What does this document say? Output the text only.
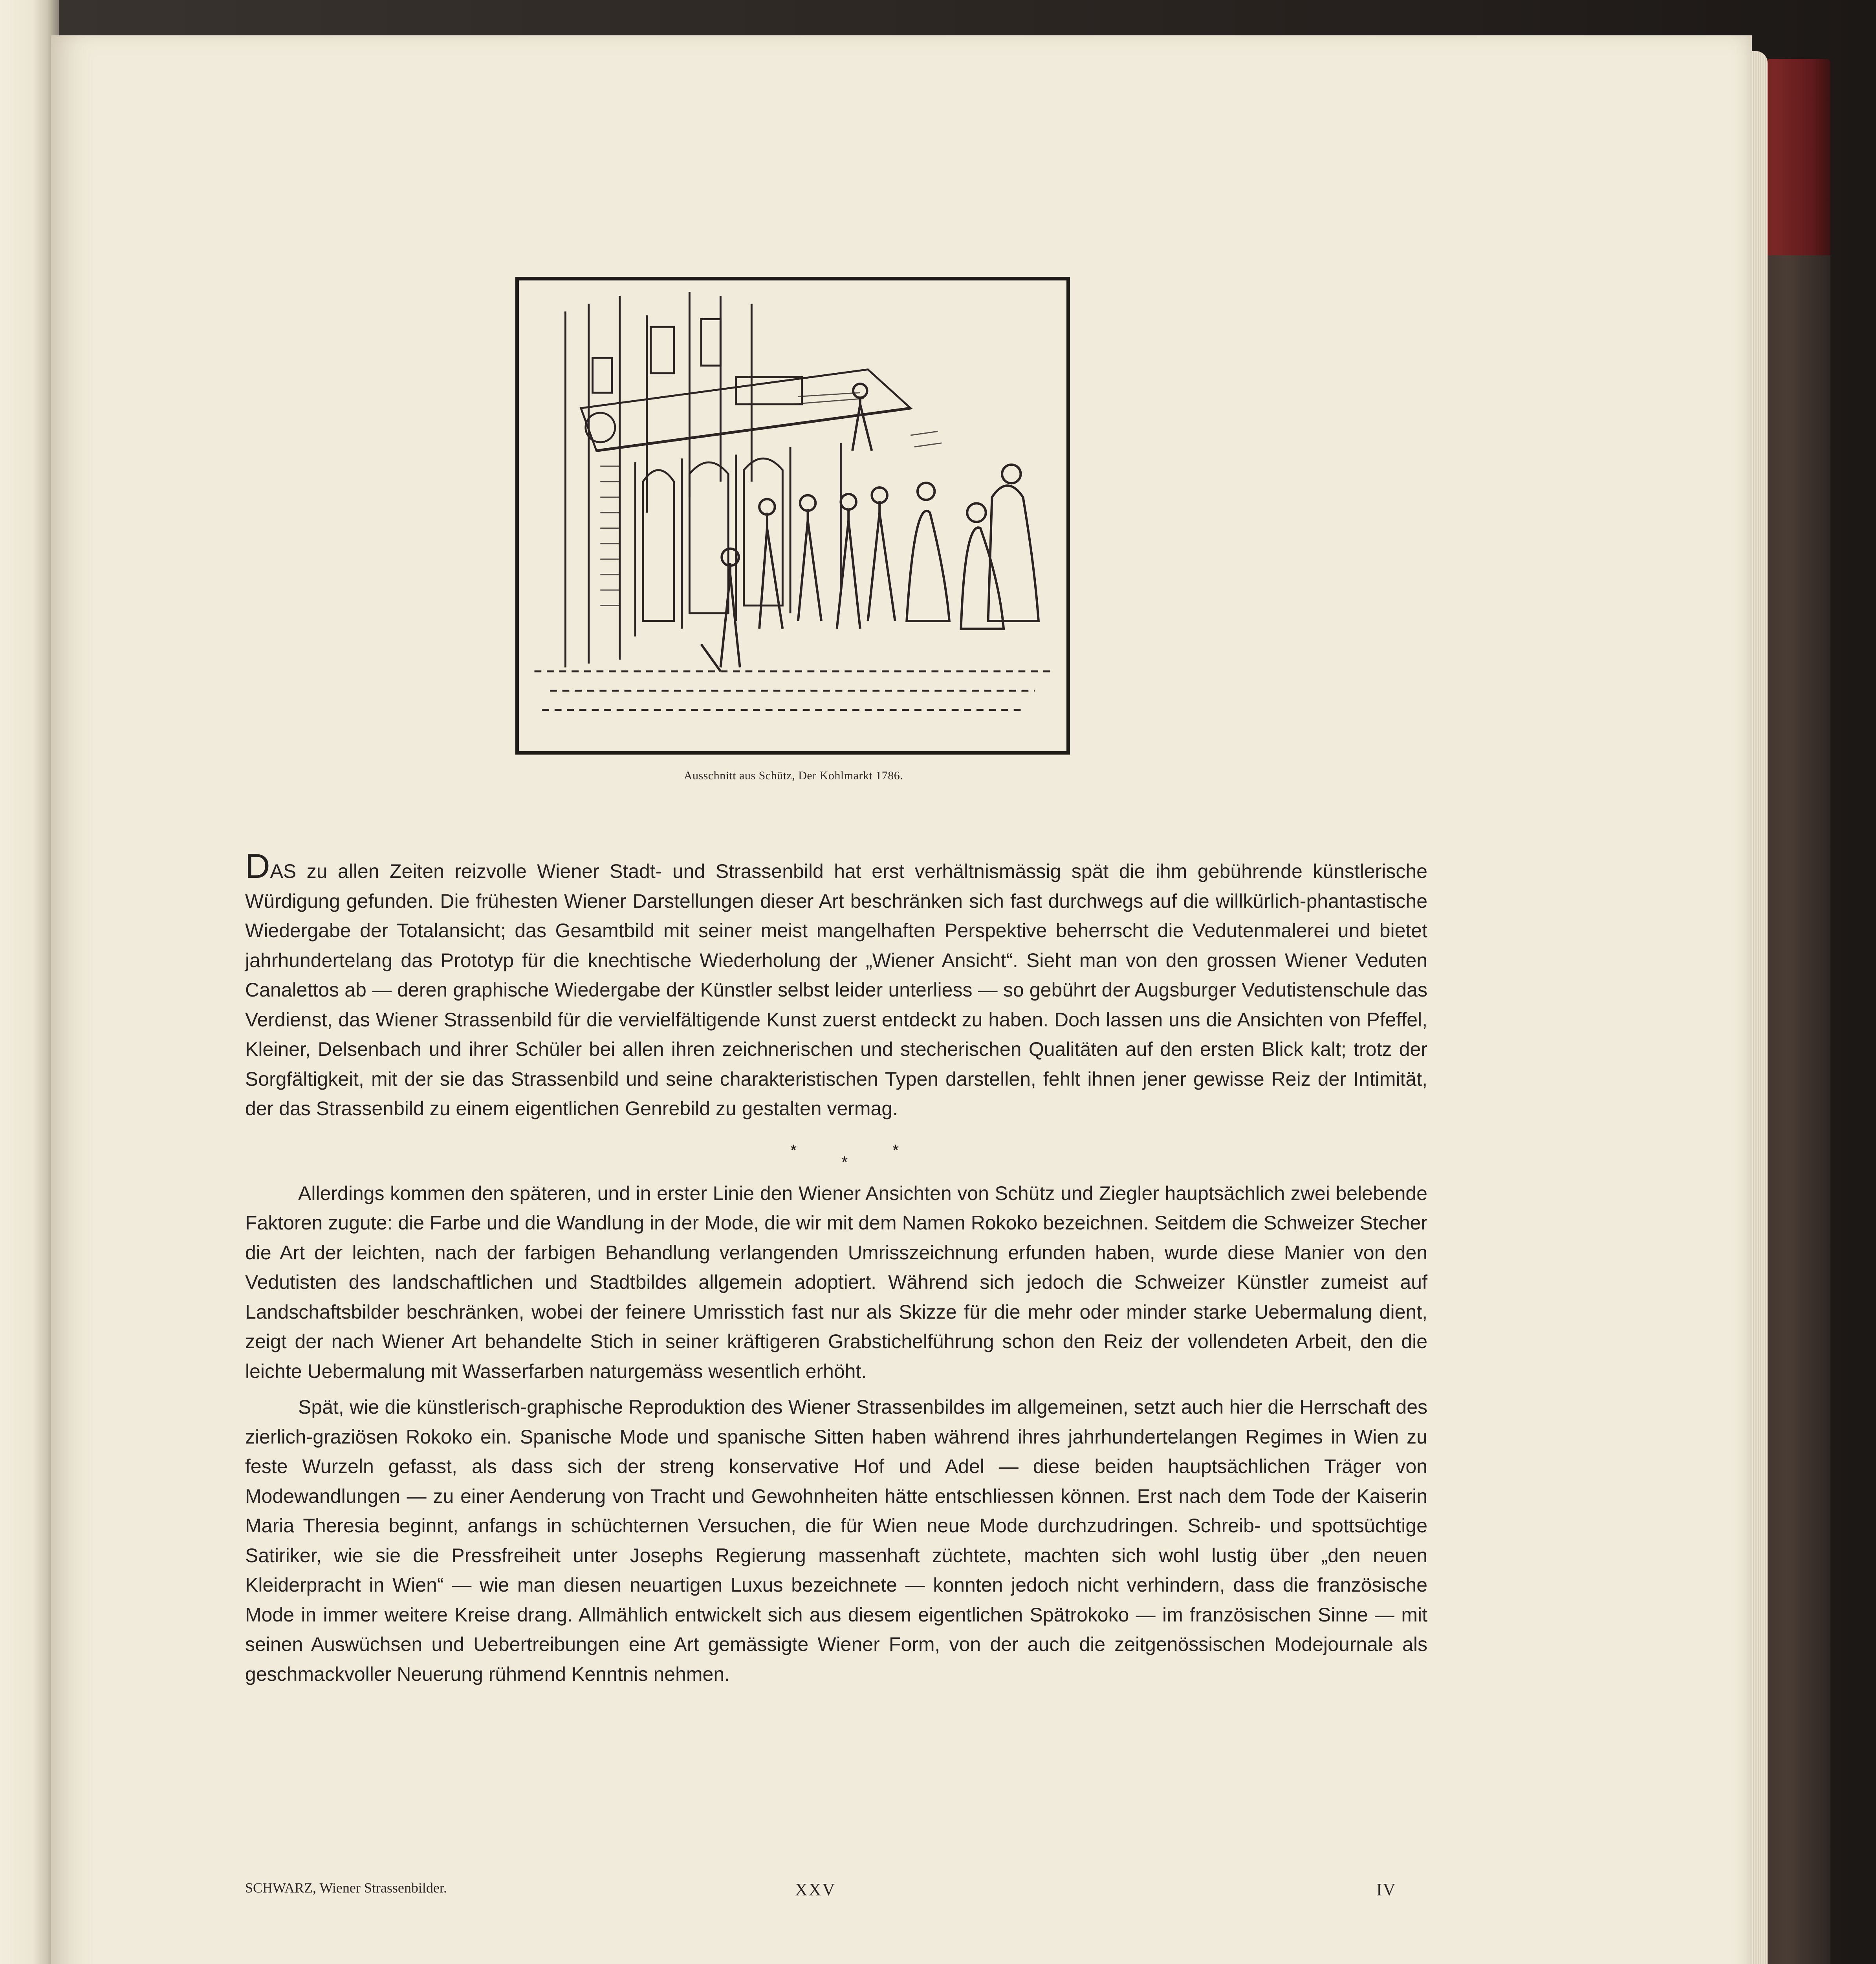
Ausschnitt aus Schütz, Der Kohlmarkt 1786.

DAS zu allen Zeiten reizvolle Wiener Stadt- und Strassenbild hat erst verhältnismässig spät die ihm gebührende künstlerische Würdigung gefunden. Die frühesten Wiener Darstellungen dieser Art beschränken sich fast durchwegs auf die willkürlich-phantastische Wiedergabe der Totalansicht; das Gesamtbild mit seiner meist mangelhaften Perspektive beherrscht die Vedutenmalerei und bietet jahrhundertelang das Prototyp für die knechtische Wiederholung der „Wiener Ansicht“. Sieht man von den grossen Wiener Veduten Canalettos ab — deren graphische Wiedergabe der Künstler selbst leider unterliess — so gebührt der Augsburger Vedutistenschule das Verdienst, das Wiener Strassenbild für die vervielfältigende Kunst zuerst entdeckt zu haben. Doch lassen uns die Ansichten von Pfeffel, Kleiner, Delsenbach und ihrer Schüler bei allen ihren zeichnerischen und stecherischen Qualitäten auf den ersten Blick kalt; trotz der Sorgfältigkeit, mit der sie das Strassenbild und seine charakteristischen Typen darstellen, fehlt ihnen jener gewisse Reiz der Intimität, der das Strassenbild zu einem eigentlichen Genrebild zu gestalten vermag.

*	*
*

Allerdings kommen den späteren, und in erster Linie den Wiener Ansichten von Schütz und Ziegler hauptsächlich zwei belebende Faktoren zugute: die Farbe und die Wandlung in der Mode, die wir mit dem Namen Rokoko bezeichnen. Seitdem die Schweizer Stecher die Art der leichten, nach der farbigen Behandlung verlangenden Umrisszeichnung erfunden haben, wurde diese Manier von den Vedutisten des landschaftlichen und Stadtbildes allgemein adoptiert. Während sich jedoch die Schweizer Künstler zumeist auf Landschaftsbilder beschränken, wobei der feinere Umrisstich fast nur als Skizze für die mehr oder minder starke Uebermalung dient, zeigt der nach Wiener Art behandelte Stich in seiner kräftigeren Grabstichelführung schon den Reiz der vollendeten Arbeit, den die leichte Uebermalung mit Wasserfarben naturgemäss wesentlich erhöht.

Spät, wie die künstlerisch-graphische Reproduktion des Wiener Strassenbildes im allgemeinen, setzt auch hier die Herrschaft des zierlich-graziösen Rokoko ein. Spanische Mode und spanische Sitten haben während ihres jahrhundertelangen Regimes in Wien zu feste Wurzeln gefasst, als dass sich der streng konservative Hof und Adel — diese beiden hauptsächlichen Träger von Modewandlungen — zu einer Aenderung von Tracht und Gewohnheiten hätte entschliessen können. Erst nach dem Tode der Kaiserin Maria Theresia beginnt, anfangs in schüchternen Versuchen, die für Wien neue Mode durchzudringen. Schreib- und spottsüchtige Satiriker, wie sie die Pressfreiheit unter Josephs Regierung massenhaft züchtete, machten sich wohl lustig über „den neuen Kleiderpracht in Wien“ — wie man diesen neuartigen Luxus bezeichnete — konnten jedoch nicht verhindern, dass die französische Mode in immer weitere Kreise drang. Allmählich entwickelt sich aus diesem eigentlichen Spätrokoko — im französischen Sinne — mit seinen Auswüchsen und Uebertreibungen eine Art gemässigte Wiener Form, von der auch die zeitgenössischen Modejournale als geschmackvoller Neuerung rühmend Kenntnis nehmen.

SCHWARZ, Wiener Strassenbilder.	XXV	IV
